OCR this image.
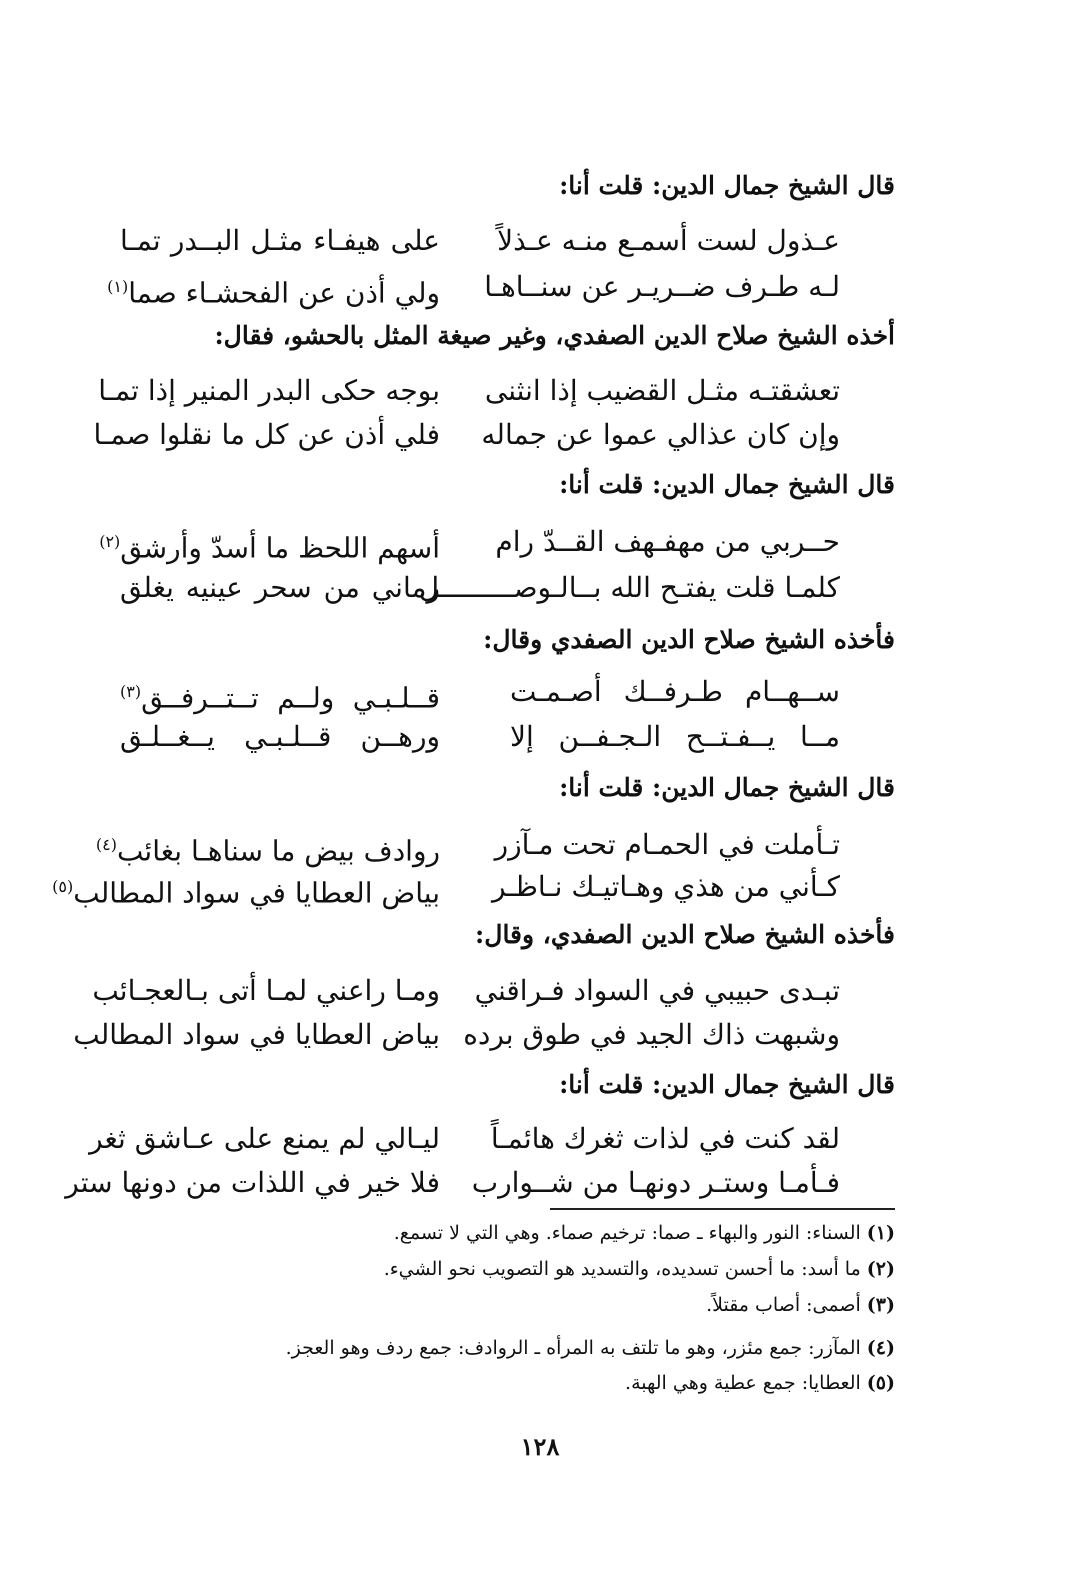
قال الشيخ جمال الدين: قلت أنا:
عـذول لست أسمـع منـه عـذلاً
على هيفـاء مثـل البــدر تمـا
لـه طـرف ضــريـر عن سنــاهـا
ولي أذن عن الفحشـاء صما$^{(١)}$
أخذه الشيخ صلاح الدين الصفدي، وغير صيغة المثل بالحشو، فقال:
تعشقتـه مثـل القضيب إذا انثنى
بوجه حكى البدر المنير إذا تمـا
وإن كان عذالي عموا عن جماله
فلي أذن عن كل ما نقلوا صمـا
قال الشيخ جمال الدين: قلت أنا:
حــربي من مهفـهف القــدّ رام
أسهم اللحظ ما أسدّ وأرشق$^{(٢)}$
كلمـا قلت يفتـح الله بــالـوصـــــــــل
رماني من سحر عينيه يغلق
فأخذه الشيخ صلاح الدين الصفدي وقال:
ســهــام طـرفــك أصـمـت
قــلـبـي ولــم تــتــرفــق$^{(٣)}$
مــا يــفـتــح الـجـفــن إلا
ورهــن قــلـبـي يــغــلـق
قال الشيخ جمال الدين: قلت أنا:
تـأملت في الحمـام تحت مـآزر
روادف بيض ما سناهـا بغائب$^{(٤)}$
كـأني من هذي وهـاتيـك نـاظـر
بياض العطايا في سواد المطالب$^{(٥)}$
فأخذه الشيخ صلاح الدين الصفدي، وقال:
تبـدى حبيبي في السواد فـراقني
ومـا راعني لمـا أتى بـالعجـائب
وشبهت ذاك الجيد في طوق برده
بياض العطايا في سواد المطالب
قال الشيخ جمال الدين: قلت أنا:
لقد كنت في لذات ثغرك هائمـاً
ليـالي لم يمنع على عـاشق ثغر
فـأمـا وستـر دونهـا من شــوارب
فلا خير في اللذات من دونها ستر
(١)السناء: النور والبهاء ـ صما: ترخيم صماء. وهي التي لا تسمع.
(٢)ما أسد: ما أحسن تسديده، والتسديد هو التصويب نحو الشيء.
(٣)أصمى: أصاب مقتلاً.
(٤)المآزر: جمع مئزر، وهو ما تلتف به المرأه ـ الروادف: جمع ردف وهو العجز.
(٥)العطايا: جمع عطية وهي الهبة.
١٢٨
